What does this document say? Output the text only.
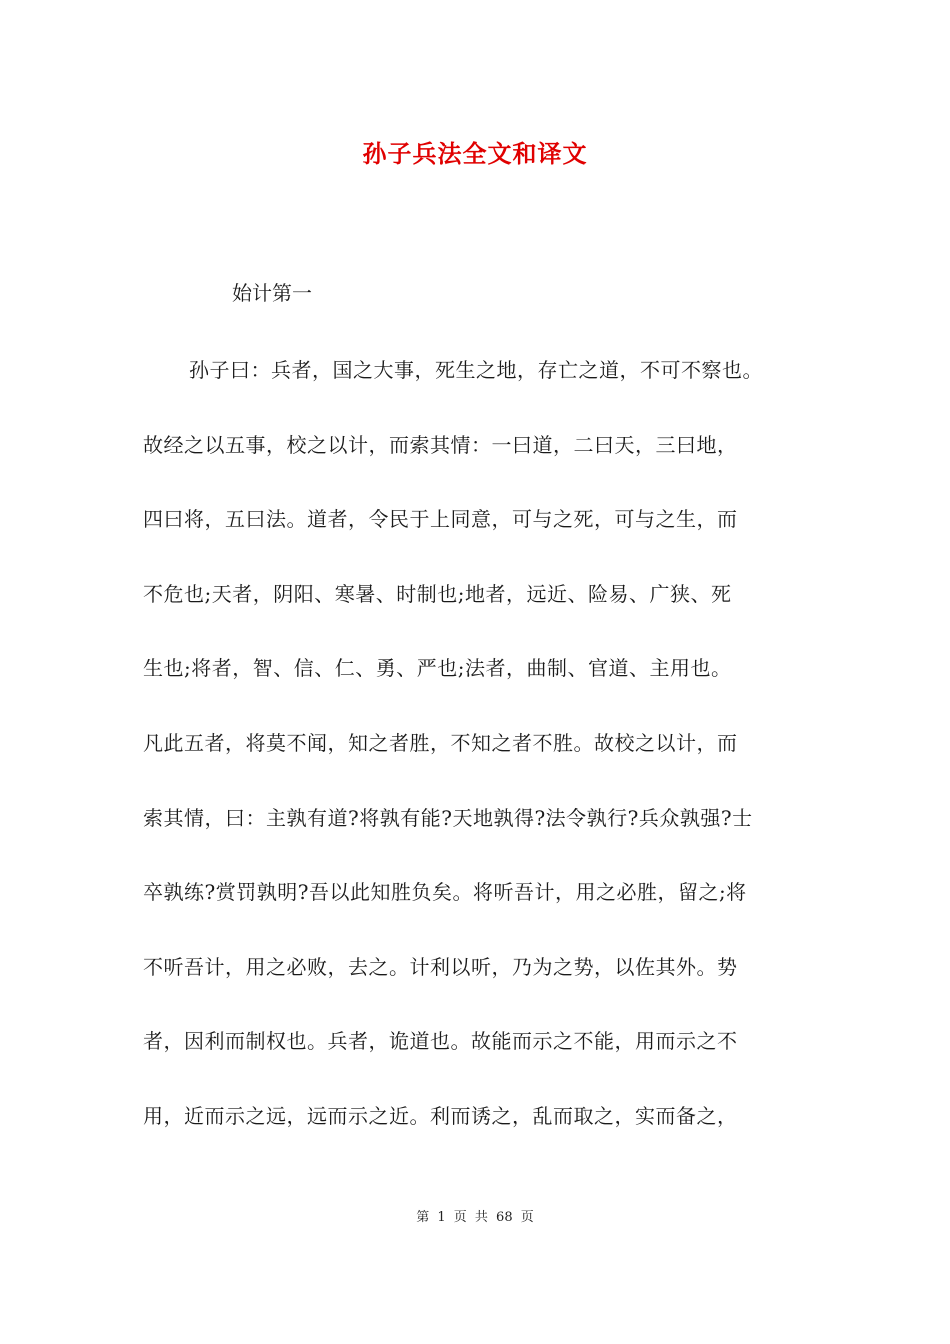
孙子兵法全文和译文
始计第一
孙子曰：兵者，国之大事，死生之地，存亡之道，不可不察也。
故经之以五事，校之以计，而索其情：一曰道，二曰天，三曰地，
四曰将，五曰法。道者，令民于上同意，可与之死，可与之生，而
不危也;天者，阴阳、寒暑、时制也;地者，远近、险易、广狭、死
生也;将者，智、信、仁、勇、严也;法者，曲制、官道、主用也。
凡此五者，将莫不闻，知之者胜，不知之者不胜。故校之以计，而
索其情，曰：主孰有道?将孰有能?天地孰得?法令孰行?兵众孰强?士
卒孰练?赏罚孰明?吾以此知胜负矣。将听吾计，用之必胜，留之;将
不听吾计，用之必败，去之。计利以听，乃为之势，以佐其外。势
者，因利而制权也。兵者，诡道也。故能而示之不能，用而示之不
用，近而示之远，远而示之近。利而诱之，乱而取之，实而备之，
第 1 页 共 68 页
